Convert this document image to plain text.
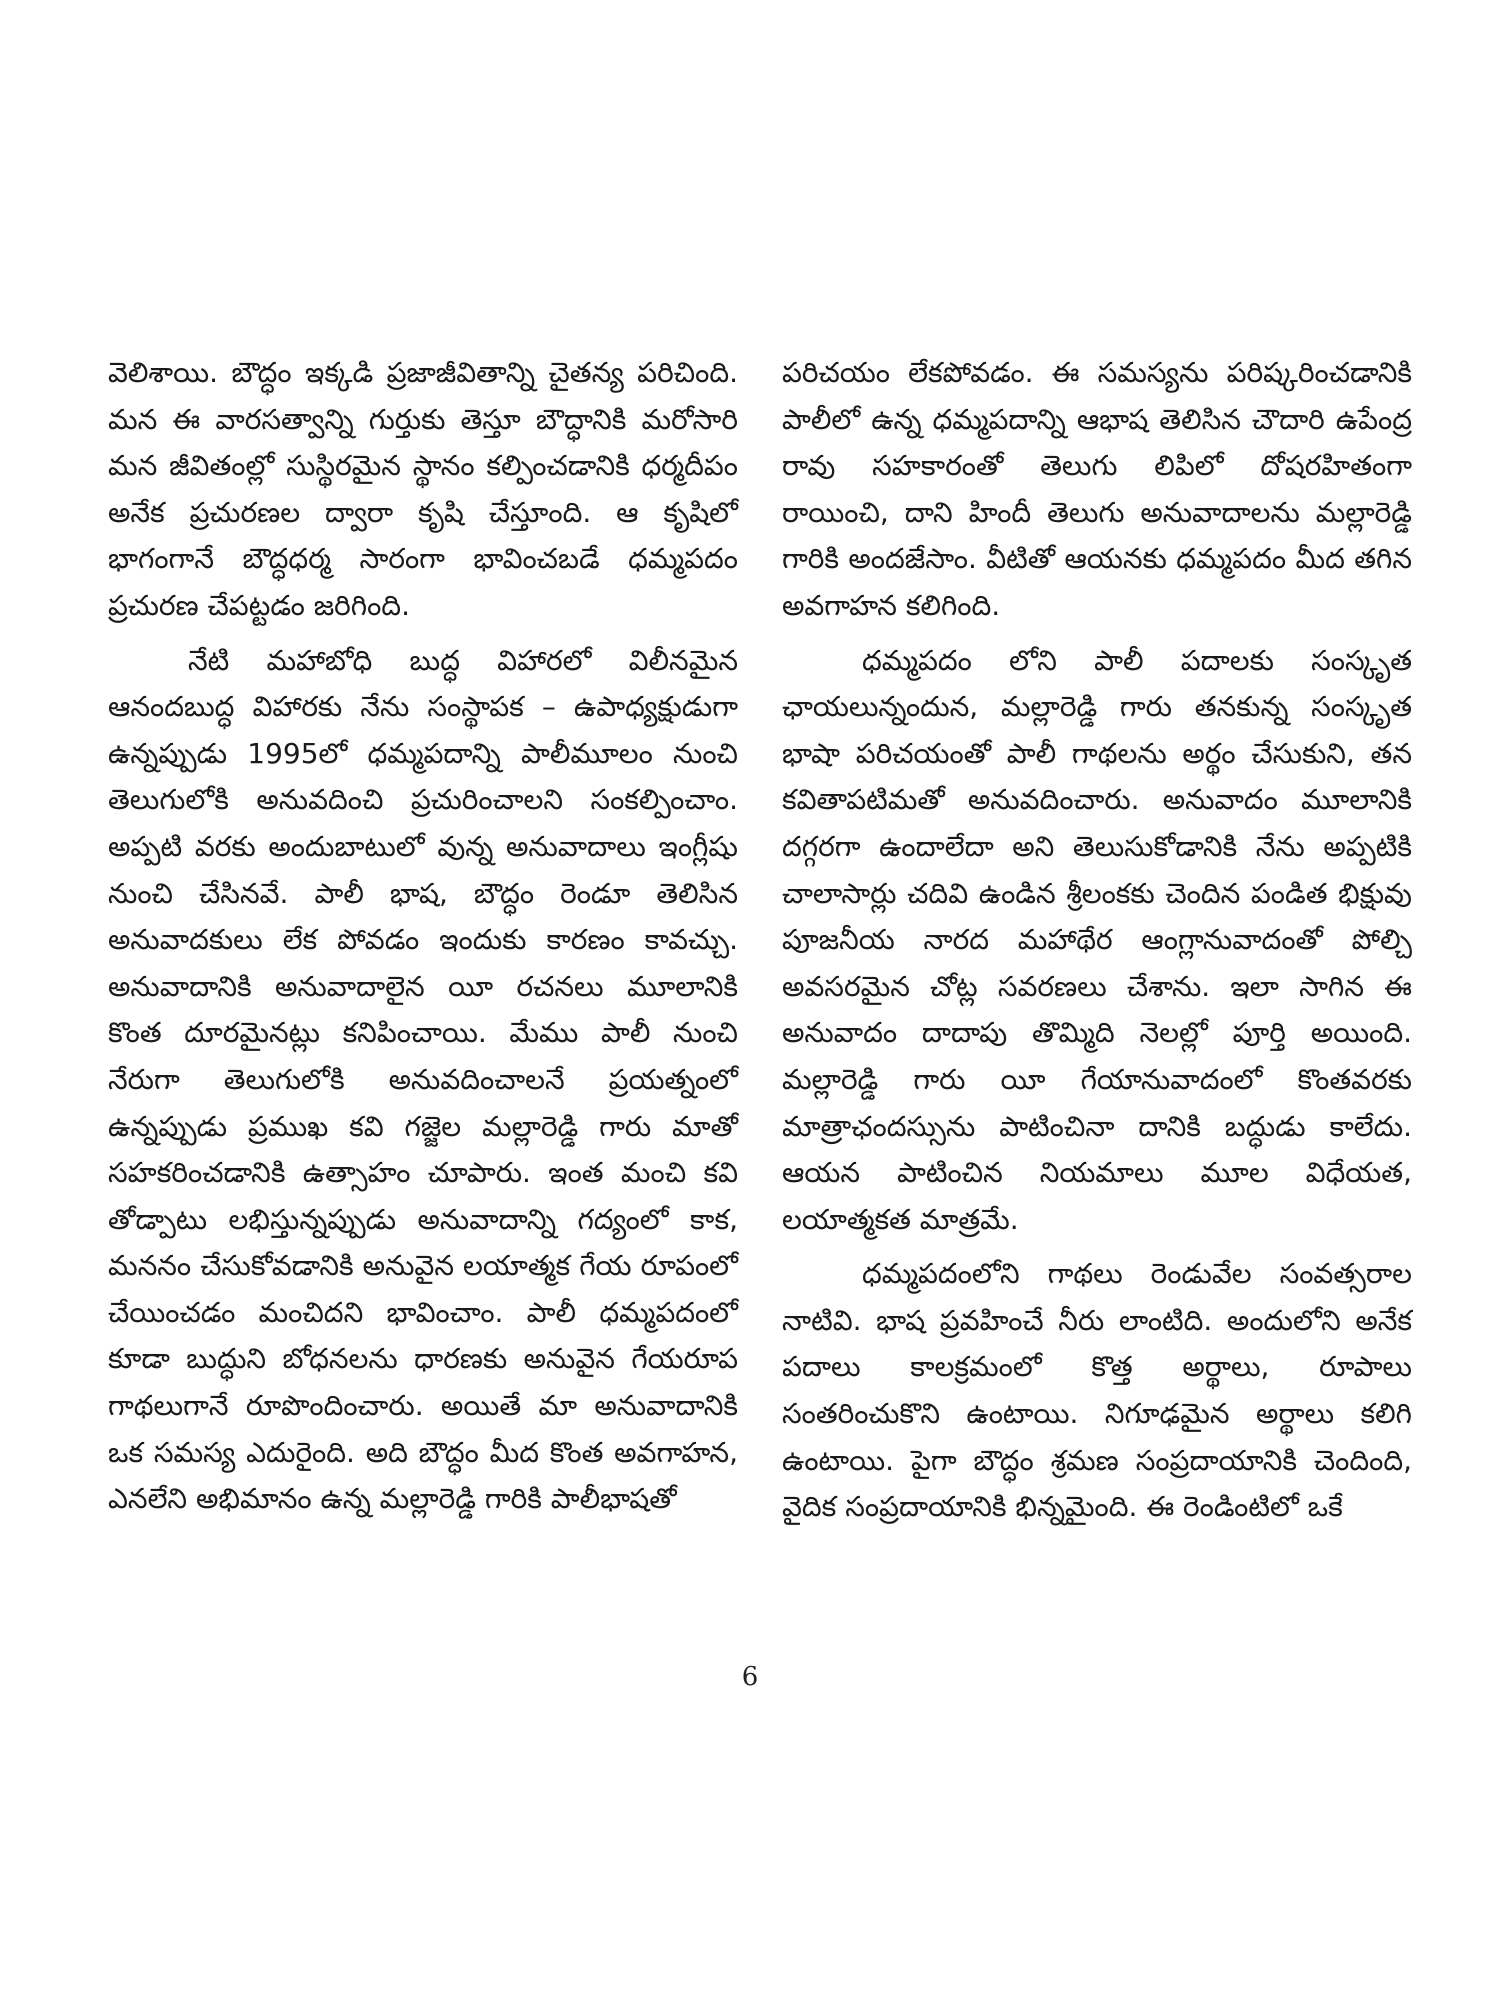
వెలిశాయి. బౌద్ధం ఇక్కడి ప్రజాజీవితాన్ని చైతన్య పరిచింది. మన ఈ వారసత్వాన్ని గుర్తుకు తెస్తూ బౌద్ధానికి మరోసారి మన జీవితంల్లో సుస్థిరమైన స్థానం కల్పించడానికి ధర్మదీపం అనేక ప్రచురణల ద్వారా కృషి చేస్తూంది. ఆ కృషిలో భాగంగానే బౌద్ధధర్మ సారంగా భావించబడే ధమ్మపదం ప్రచురణ చేపట్టడం జరిగింది.

నేటి మహాబోధి బుద్ధ విహారలో విలీనమైన ఆనందబుద్ధ విహారకు నేను సంస్థాపక – ఉపాధ్యక్షుడుగా ఉన్నప్పుడు 1995లో ధమ్మపదాన్ని పాలీమూలం నుంచి తెలుగులోకి అనువదించి ప్రచురించాలని సంకల్పించాం. అప్పటి వరకు అందుబాటులో వున్న అనువాదాలు ఇంగ్లీషు నుంచి చేసినవే. పాలీ భాష, బౌద్ధం రెండూ తెలిసిన అనువాదకులు లేక పోవడం ఇందుకు కారణం కావచ్చు. అనువాదానికి అనువాదాలైన యీ రచనలు మూలానికి కొంత దూరమైనట్లు కనిపించాయి. మేము పాలీ నుంచి నేరుగా తెలుగులోకి అనువదించాలనే ప్రయత్నంలో ఉన్నప్పుడు ప్రముఖ కవి గజ్జెల మల్లారెడ్డి గారు మాతో సహకరించడానికి ఉత్సాహం చూపారు. ఇంత మంచి కవి తోడ్పాటు లభిస్తున్నప్పుడు అనువాదాన్ని గద్యంలో కాక, మననం చేసుకోవడానికి అనువైన లయాత్మక గేయ రూపంలో చేయించడం మంచిదని భావించాం. పాలీ ధమ్మపదంలో కూడా బుద్ధుని బోధనలను ధారణకు అనువైన గేయరూప గాథలుగానే రూపొందించారు. అయితే మా అనువాదానికి ఒక సమస్య ఎదురైంది. అది బౌద్ధం మీద కొంత అవగాహన, ఎనలేని అభిమానం ఉన్న మల్లారెడ్డి గారికి పాలీభాషతో

పరిచయం లేకపోవడం. ఈ సమస్యను పరిష్కరించడానికి పాలీలో ఉన్న ధమ్మపదాన్ని ఆభాష తెలిసిన చౌదారి ఉపేంద్ర రావు సహకారంతో తెలుగు లిపిలో దోషరహితంగా రాయించి, దాని హిందీ తెలుగు అనువాదాలను మల్లారెడ్డి గారికి అందజేసాం. వీటితో ఆయనకు ధమ్మపదం మీద తగిన అవగాహన కలిగింది.

ధమ్మపదం లోని పాలీ పదాలకు సంస్కృత ఛాయలున్నందున, మల్లారెడ్డి గారు తనకున్న సంస్కృత భాషా పరిచయంతో పాలీ గాథలను అర్థం చేసుకుని, తన కవితాపటిమతో అనువదించారు. అనువాదం మూలానికి దగ్గరగా ఉందాలేదా అని తెలుసుకోడానికి నేను అప్పటికి చాలాసార్లు చదివి ఉండిన శ్రీలంకకు చెందిన పండిత భిక్షువు పూజనీయ నారద మహాథేర ఆంగ్లానువాదంతో పోల్చి అవసరమైన చోట్ల సవరణలు చేశాను. ఇలా సాగిన ఈ అనువాదం దాదాపు తొమ్మిది నెలల్లో పూర్తి అయింది. మల్లారెడ్డి గారు యీ గేయానువాదంలో కొంతవరకు మాత్రాఛందస్సును పాటించినా దానికి బద్ధుడు కాలేదు. ఆయన పాటించిన నియమాలు మూల విధేయత, లయాత్మకత మాత్రమే.

ధమ్మపదంలోని గాథలు రెండువేల సంవత్సరాల నాటివి. భాష ప్రవహించే నీరు లాంటిది. అందులోని అనేక పదాలు కాలక్రమంలో కొత్త అర్థాలు, రూపాలు సంతరించుకొని ఉంటాయి. నిగూఢమైన అర్థాలు కలిగి ఉంటాయి. పైగా బౌద్ధం శ్రమణ సంప్రదాయానికి చెందింది, వైదిక సంప్రదాయానికి భిన్నమైంది. ఈ రెండింటిలో ఒకే

6
